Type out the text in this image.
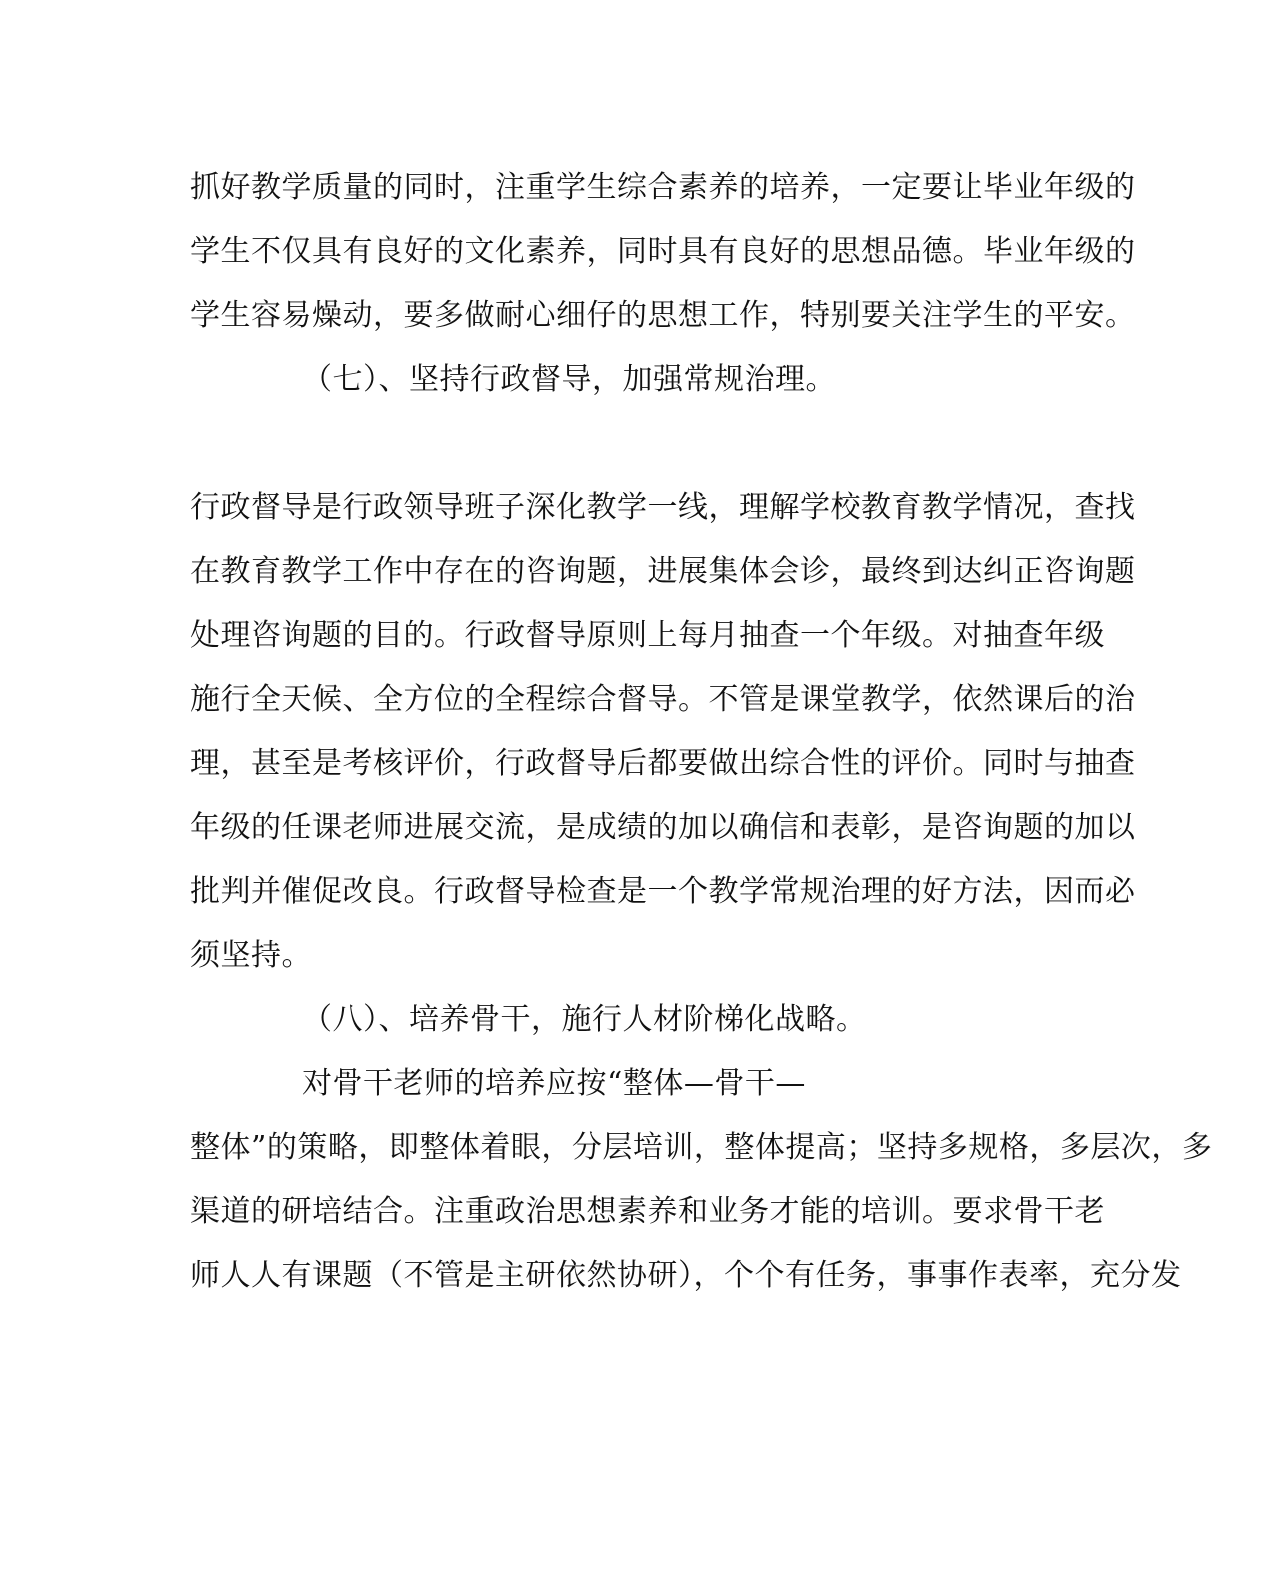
抓好教学质量的同时，注重学生综合素养的培养，一定要让毕业年级的
学生不仅具有良好的文化素养，同时具有良好的思想品德。毕业年级的
学生容易燥动，要多做耐心细仔的思想工作，特别要关注学生的平安。
（七）、坚持行政督导，加强常规治理。
行政督导是行政领导班子深化教学一线，理解学校教育教学情况，查找
在教育教学工作中存在的咨询题，进展集体会诊，最终到达纠正咨询题
处理咨询题的目的。行政督导原则上每月抽查一个年级。对抽查年级
施行全天候、全方位的全程综合督导。不管是课堂教学，依然课后的治
理，甚至是考核评价，行政督导后都要做出综合性的评价。同时与抽查
年级的任课老师进展交流，是成绩的加以确信和表彰，是咨询题的加以
批判并催促改良。行政督导检查是一个教学常规治理的好方法，因而必
须坚持。
（八）、培养骨干，施行人材阶梯化战略。
对骨干老师的培养应按“整体—骨干—
整体”的策略，即整体着眼，分层培训，整体提高；坚持多规格，多层次，多
渠道的研培结合。注重政治思想素养和业务才能的培训。要求骨干老
师人人有课题（不管是主研依然协研），个个有任务，事事作表率，充分发
